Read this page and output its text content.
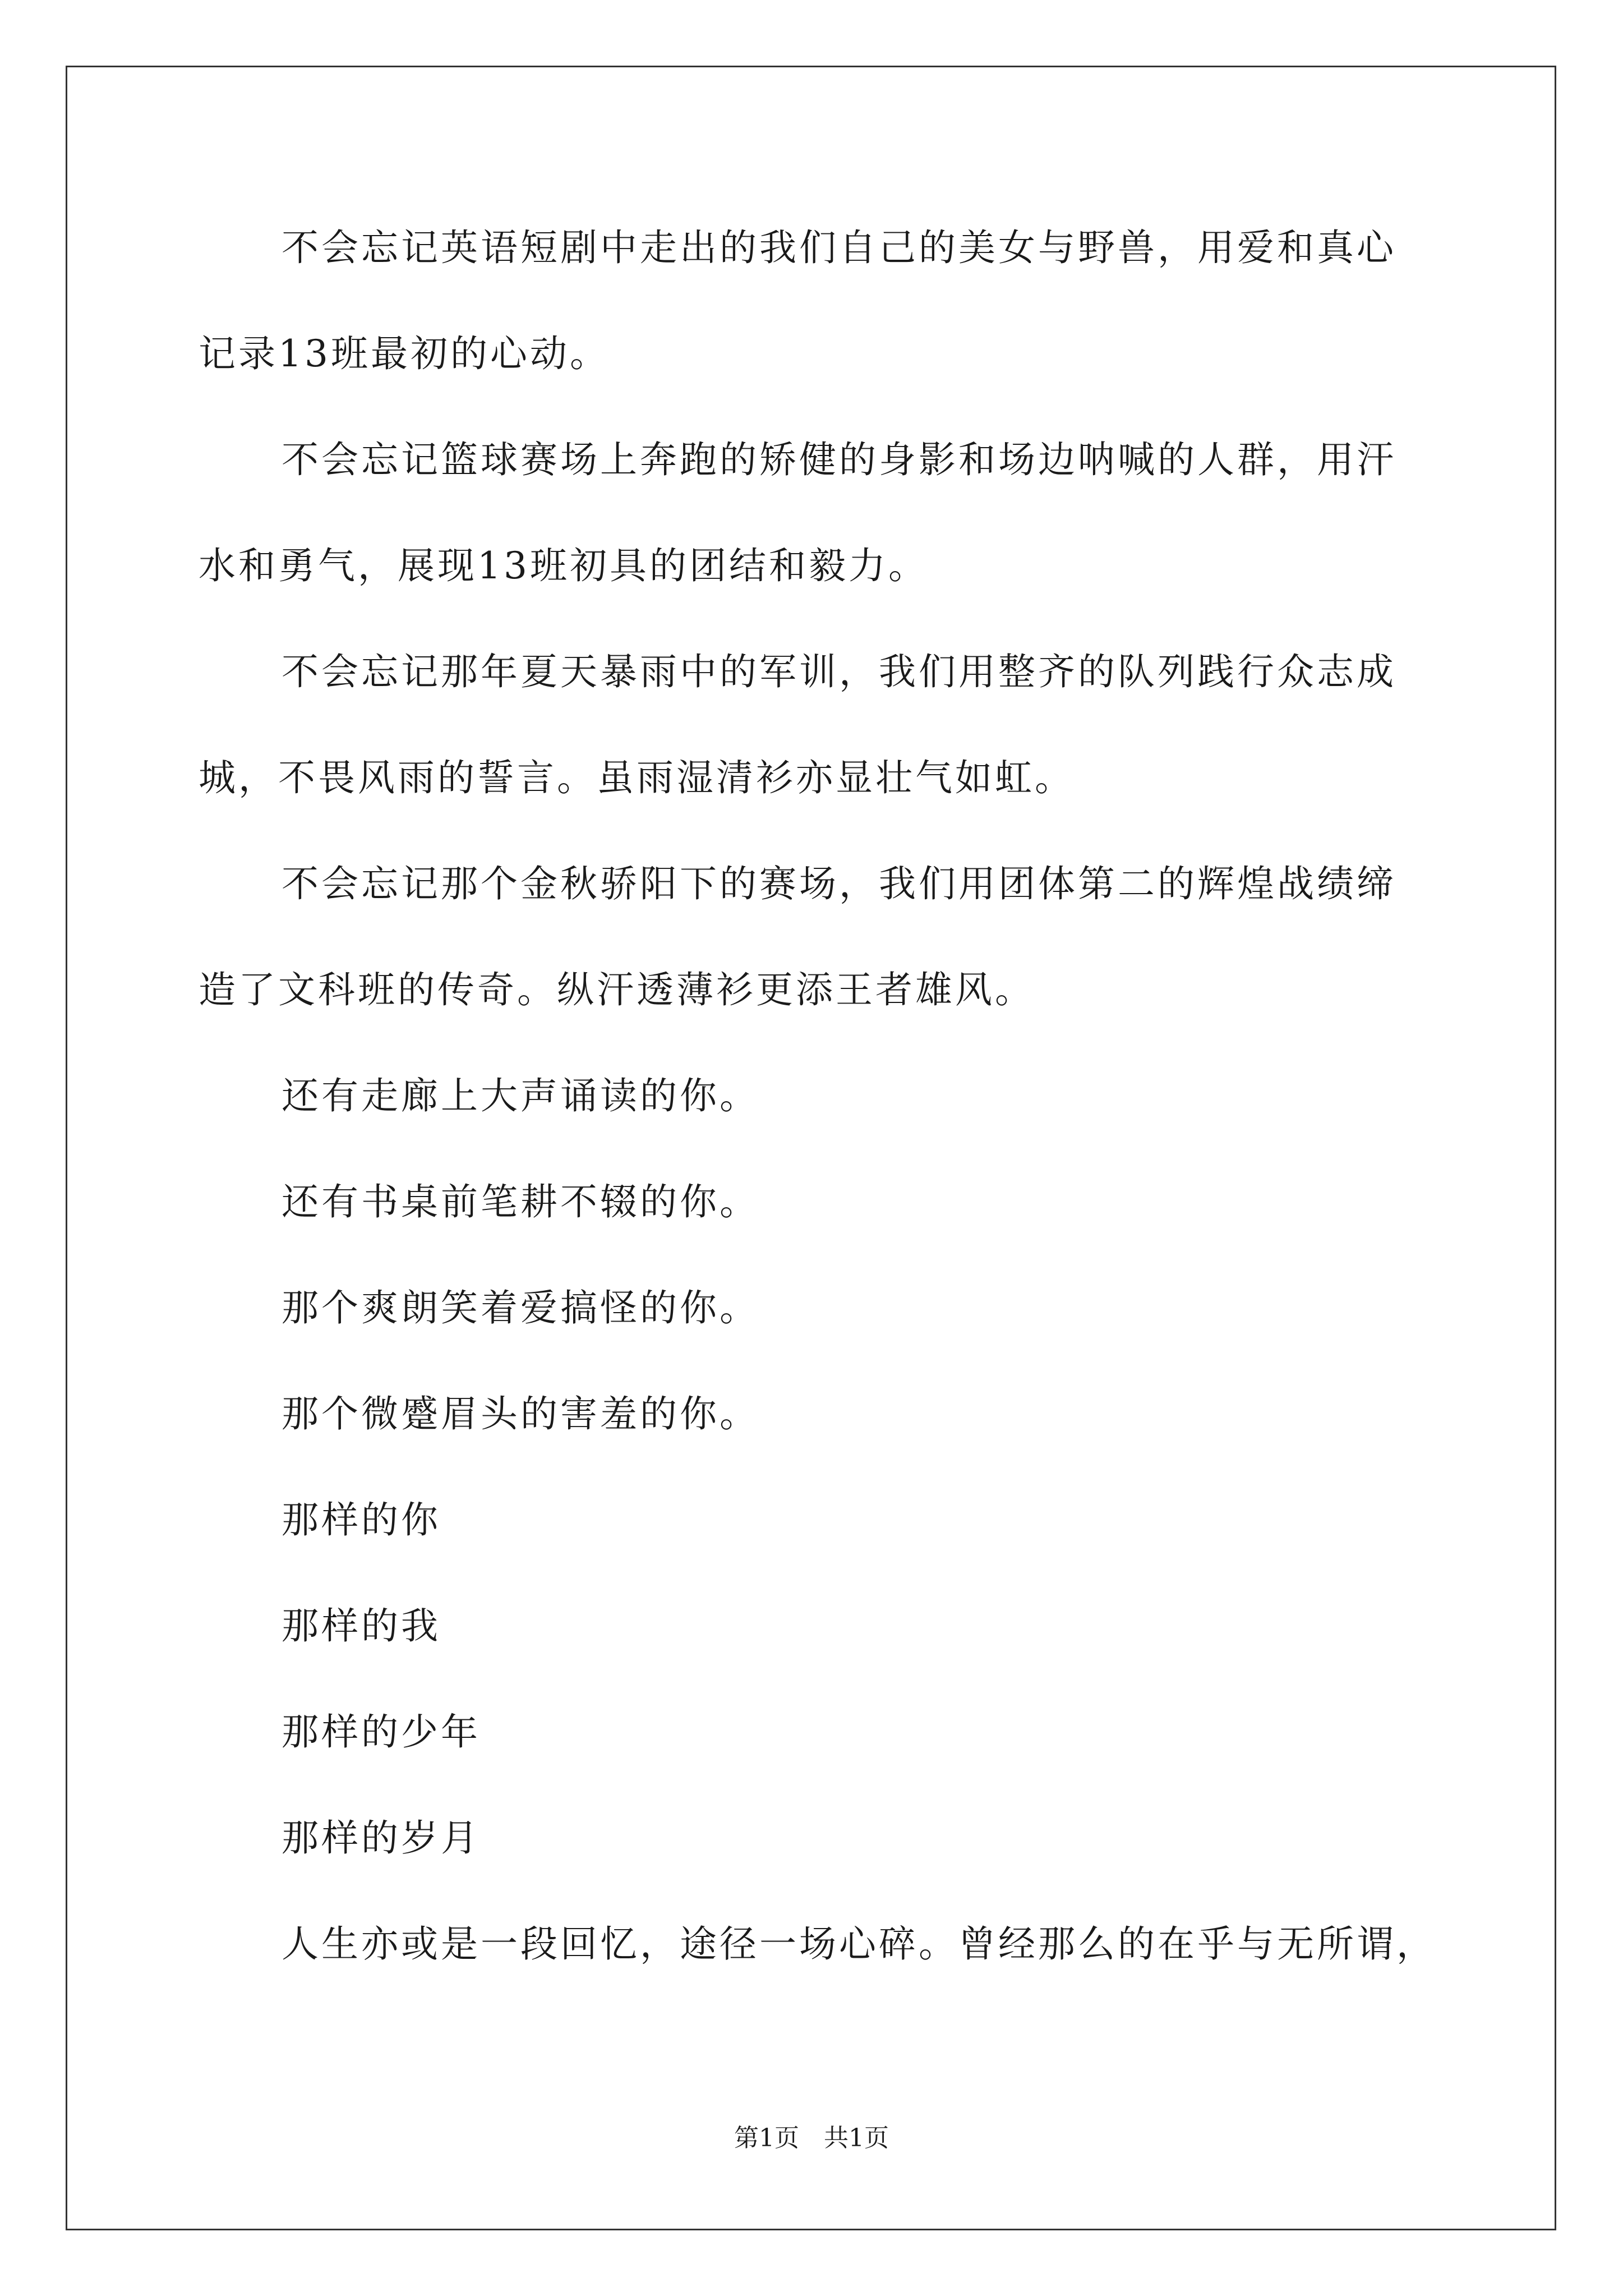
不会忘记英语短剧中走出的我们自己的美女与野兽，用爱和真心
记录13班最初的心动。
不会忘记篮球赛场上奔跑的矫健的身影和场边呐喊的人群，用汗
水和勇气，展现13班初具的团结和毅力。
不会忘记那年夏天暴雨中的军训，我们用整齐的队列践行众志成
城，不畏风雨的誓言。虽雨湿清衫亦显壮气如虹。
不会忘记那个金秋骄阳下的赛场，我们用团体第二的辉煌战绩缔
造了文科班的传奇。纵汗透薄衫更添王者雄风。
还有走廊上大声诵读的你。
还有书桌前笔耕不辍的你。
那个爽朗笑着爱搞怪的你。
那个微蹙眉头的害羞的你。
那样的你
那样的我
那样的少年
那样的岁月
人生亦或是一段回忆，途径一场心碎。曾经那么的在乎与无所谓，
第1页　共1页
